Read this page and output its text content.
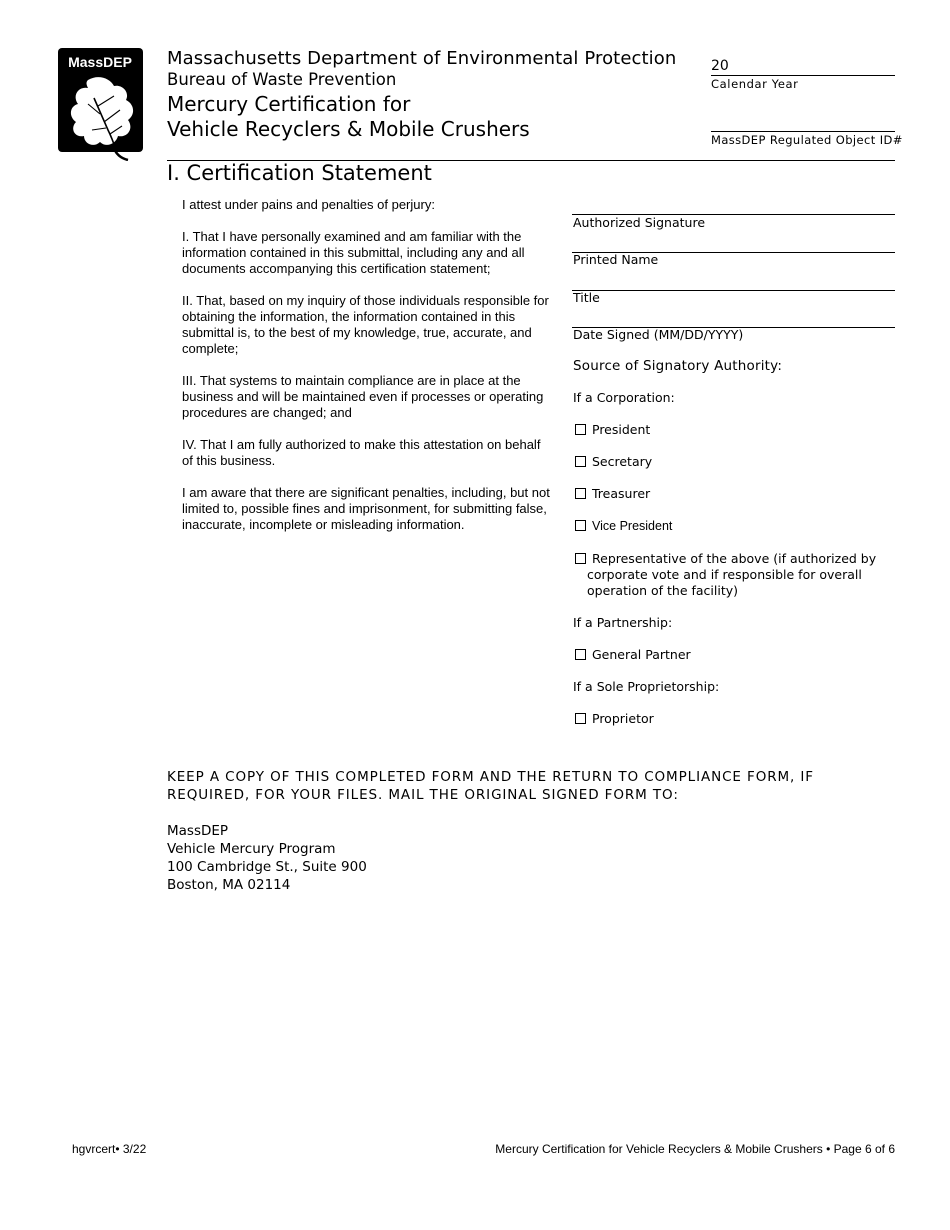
MassDEP Massachusetts Department of Environmental Protection
Bureau of Waste Prevention
Mercury Certification for
Vehicle Recyclers & Mobile Crushers
20
Calendar Year
MassDEP Regulated Object ID#
I. Certification Statement

I attest under pains and penalties of perjury:

I. That I have personally examined and am familiar with the information contained in this submittal, including any and all documents accompanying this certification statement;

II. That, based on my inquiry of those individuals responsible for obtaining the information, the information contained in this submittal is, to the best of my knowledge, true, accurate, and complete;

III. That systems to maintain compliance are in place at the business and will be maintained even if processes or operating procedures are changed; and

IV. That I am fully authorized to make this attestation on behalf of this business.

I am aware that there are significant penalties, including, but not limited to, possible fines and imprisonment, for submitting false, inaccurate, incomplete or misleading information.

Authorized Signature
Printed Name
Title
Date Signed (MM/DD/YYYY)
Source of Signatory Authority:
If a Corporation:
President
Secretary
Treasurer
Vice President
Representative of the above (if authorized by
corporate vote and if responsible for overall
operation of the facility)
If a Partnership:
General Partner
If a Sole Proprietorship:
Proprietor
KEEP A COPY OF THIS COMPLETED FORM AND THE RETURN TO COMPLIANCE FORM, IF REQUIRED, FOR YOUR FILES. MAIL THE ORIGINAL SIGNED FORM TO:
MassDEP
Vehicle Mercury Program
100 Cambridge St., Suite 900
Boston, MA 02114
hgvrcert• 3/22	Mercury Certification for Vehicle Recyclers & Mobile Crushers • Page 6 of 6
